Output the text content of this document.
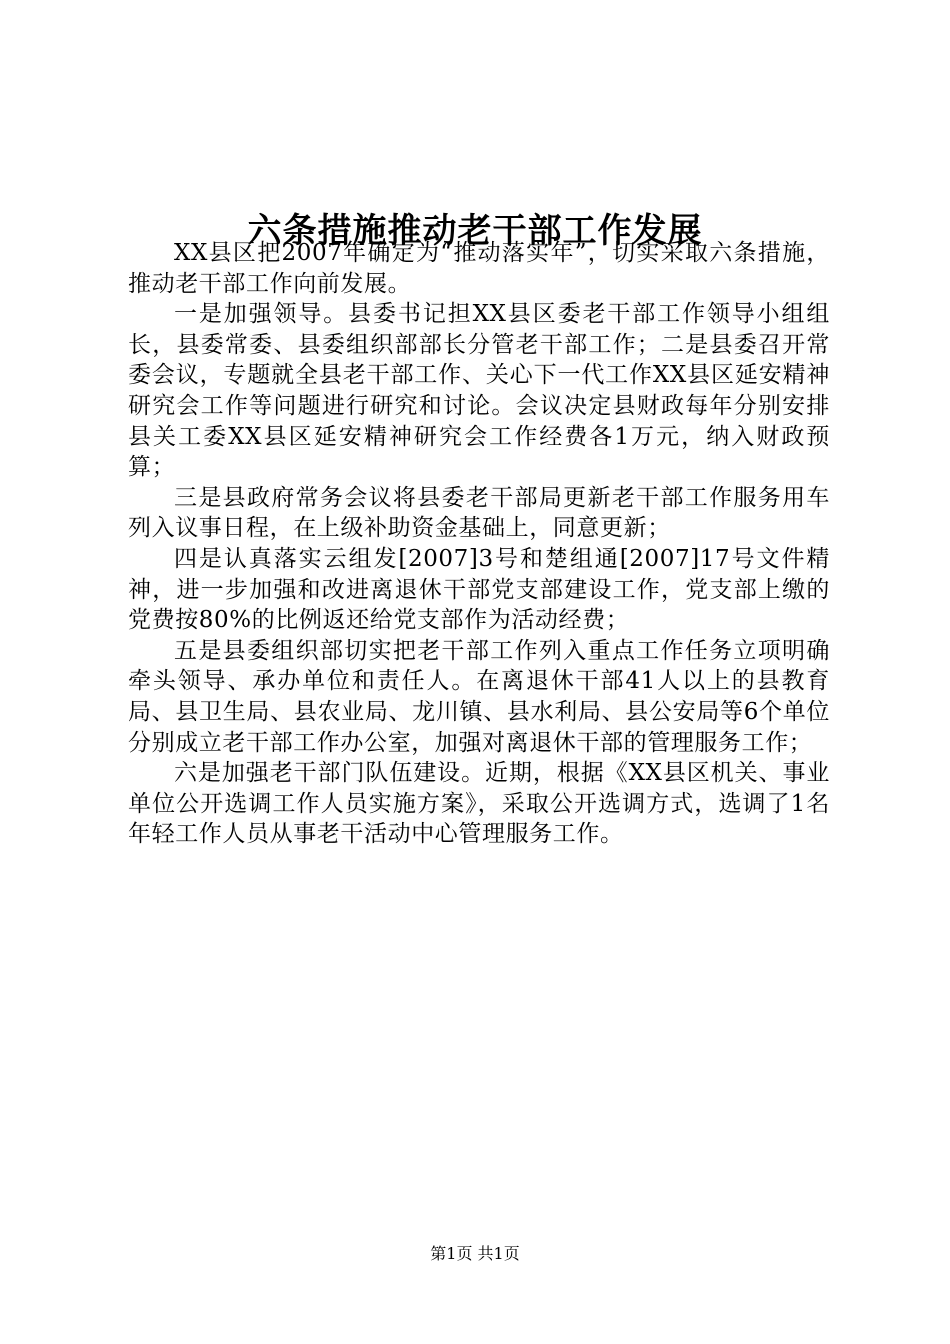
六条措施推动老干部工作发展

XX县区把2007年确定为“推动落实年”，切实采取六条措施，推动老干部工作向前发展。

一是加强领导。县委书记担XX县区委老干部工作领导小组组长，县委常委、县委组织部部长分管老干部工作；二是县委召开常委会议，专题就全县老干部工作、关心下一代工作XX县区延安精神研究会工作等问题进行研究和讨论。会议决定县财政每年分别安排县关工委XX县区延安精神研究会工作经费各1万元，纳入财政预算；

三是县政府常务会议将县委老干部局更新老干部工作服务用车列入议事日程，在上级补助资金基础上，同意更新；

四是认真落实云组发[2007]3号和楚组通[2007]17号文件精神，进一步加强和改进离退休干部党支部建设工作，党支部上缴的党费按80%的比例返还给党支部作为活动经费；

五是县委组织部切实把老干部工作列入重点工作任务立项明确牵头领导、承办单位和责任人。在离退休干部41人以上的县教育局、县卫生局、县农业局、龙川镇、县水利局、县公安局等6个单位分别成立老干部工作办公室，加强对离退休干部的管理服务工作；

六是加强老干部门队伍建设。近期，根据《XX县区机关、事业单位公开选调工作人员实施方案》，采取公开选调方式，选调了1名年轻工作人员从事老干活动中心管理服务工作。

第1页 共1页
